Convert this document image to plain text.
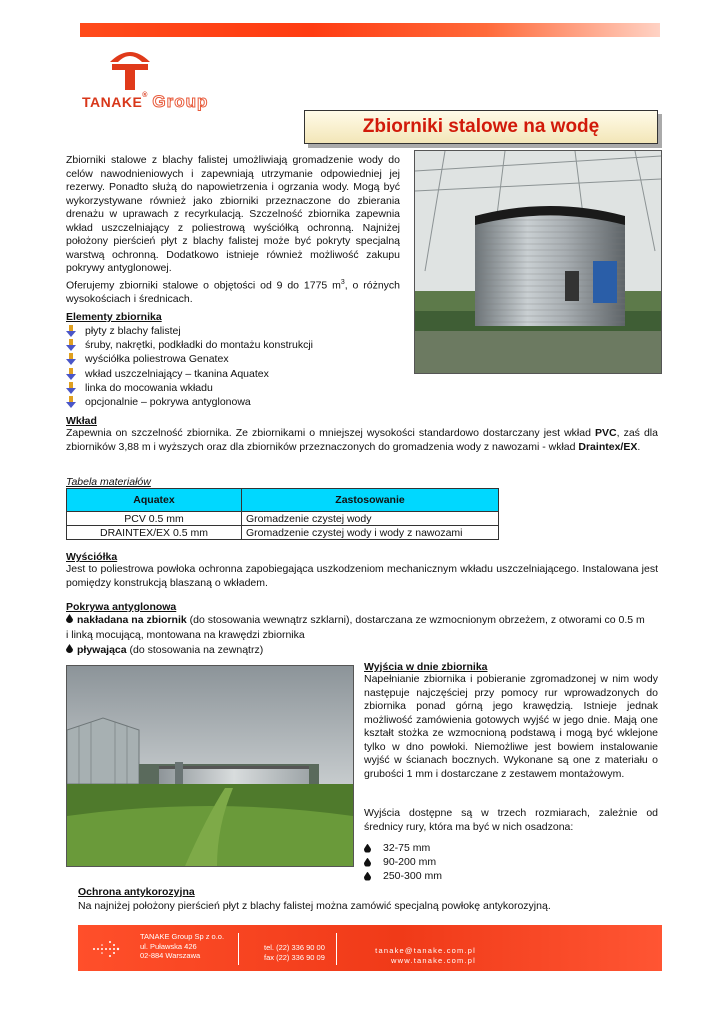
TANAKE® Group
Zbiorniki stalowe na wodę
Zbiorniki stalowe z blachy falistej umożliwiają gromadzenie wody do celów nawodnieniowych i zapewniają utrzymanie odpowiedniej jej rezerwy. Ponadto służą do napowietrzenia i ogrzania wody. Mogą być wykorzystywane również jako zbiorniki przeznaczone do zbierania drenażu w uprawach z recyrkulacją. Szczelność zbiornika zapewnia wkład uszczelniający z poliestrową wyściółką ochronną. Najniżej położony pierścień płyt z blachy falistej może być pokryty specjalną warstwą ochronną. Dodatkowo istnieje również możliwość zakupu pokrywy antyglonowej.
Oferujemy zbiorniki stalowe o objętości od 9 do 1775 $m^3$, o różnych wysokościach i średnicach.
Elementy zbiornika
płyty z blachy falistej
śruby, nakrętki, podkładki do montażu konstrukcji
wyściółka poliestrowa Genatex
wkład uszczelniający – tkanina Aquatex
linka do mocowania wkładu
opcjonalnie – pokrywa antyglonowa
Wkład
Zapewnia on szczelność zbiornika. Ze zbiornikami o mniejszej wysokości standardowo dostarczany jest wkład PVC, zaś dla zbiorników 3,88 m i wyższych oraz dla zbiorników przeznaczonych do gromadzenia wody z nawozami - wkład Draintex/EX.
Tabela materiałów
Aquatex	Zastosowanie
PCV 0.5 mm	Gromadzenie czystej wody
DRAINTEX/EX 0.5 mm	Gromadzenie czystej wody i wody z nawozami
Wyściółka
Jest to poliestrowa powłoka ochronna zapobiegająca uszkodzeniom mechanicznym wkładu uszczelniającego. Instalowana jest pomiędzy konstrukcją blaszaną o wkładem.
Pokrywa antyglonowa
nakładana na zbiornik (do stosowania wewnątrz szklarni), dostarczana ze wzmocnionym obrzeżem, z otworami co 0.5 m i linką mocującą, montowana na krawędzi zbiornika
pływająca (do stosowania na zewnątrz)
Wyjścia w dnie zbiornika
Napełnianie zbiornika i pobieranie zgromadzonej w nim wody następuje najczęściej przy pomocy rur wprowadzonych do zbiornika ponad górną jego krawędzią. Istnieje jednak możliwość zamówienia gotowych wyjść w jego dnie. Mają one kształt stożka ze wzmocnioną podstawą i mogą być wklejone tylko w dno powłoki. Niemożliwe jest bowiem instalowanie wyjść w ścianach bocznych. Wykonane są one z materiału o grubości 1 mm i dostarczane z zestawem montażowym.
Wyjścia dostępne są w trzech rozmiarach, zależnie od średnicy rury, która ma być w nich osadzona:
32-75 mm
90-200 mm
250-300 mm
Ochrona antykorozyjna
Na najniżej położony pierścień płyt z blachy falistej można zamówić specjalną powłokę antykorozyjną.
TANAKE Group Sp z o.o.
ul. Puławska 426
02-884 Warszawa
tel. (22) 336 90 00
fax (22) 336 90 09
tanake@tanake.com.pl
www.tanake.com.pl
